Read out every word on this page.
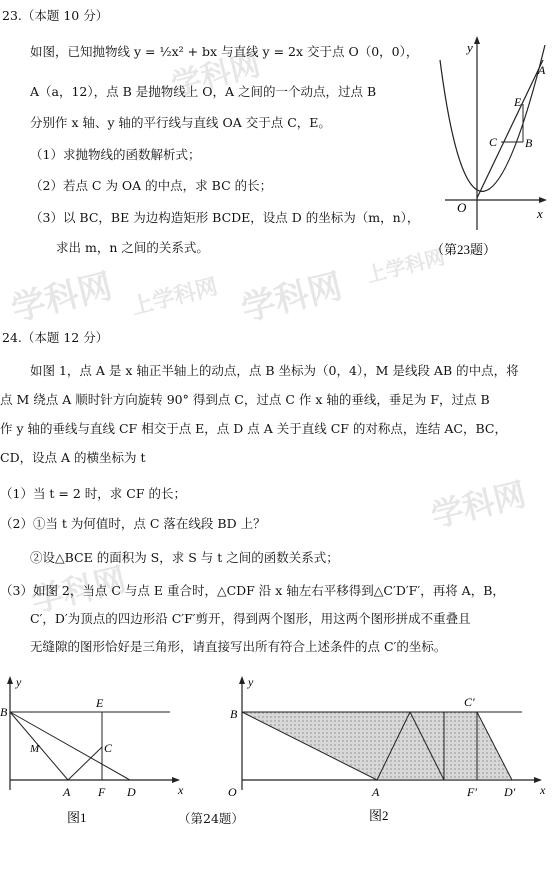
学科网
上学科网
学科网	学科网
上学科网
学科网
学科网
23.（本题 10 分）
如图，已知抛物线 y = ½x² + bx 与直线 y = 2x 交于点 O（0，0），
A（a，12），点 B 是抛物线上 O，A 之间的一个动点，过点 B
分别作 x 轴、y 轴的平行线与直线 OA 交于点 C，E。
（1）求抛物线的函数解析式；
（2）若点 C 为 OA 的中点，求 BC 的长；
（3）以 BC，BE 为边构造矩形 BCDE，设点 D 的坐标为（m，n），
求出 m，n 之间的关系式。
y
x
O
A
E
C B
（第23题）
24.（本题 12 分）
如图 1，点 A 是 x 轴正半轴上的动点，点 B 坐标为（0，4），M 是线段 AB 的中点，将
点 M 绕点 A 顺时针方向旋转 90° 得到点 C，过点 C 作 x 轴的垂线，垂足为 F，过点 B
作 y 轴的垂线与直线 CF 相交于点 E，点 D 点 A 关于直线 CF 的对称点，连结 AC，BC，
CD，设点 A 的横坐标为 t
（1）当 t = 2 时，求 CF 的长；
（2）①当 t 为何值时，点 C 落在线段 BD 上？
②设△BCE 的面积为 S，求 S 与 t 之间的函数关系式；
（3）如图 2，当点 C 与点 E 重合时，△CDF 沿 x 轴左右平移得到△C′D′F′，再将 A，B，
C′，D′为顶点的四边形沿 C′F′剪开，得到两个图形，用这两个图形拼成不重叠且
无缝隙的图形恰好是三角形，请直接写出所有符合上述条件的点 C′的坐标。
y
x
B
E
M	C
A F D
图1	（第24题）
y
x
B
C′
O	A	F′ D′
图2
